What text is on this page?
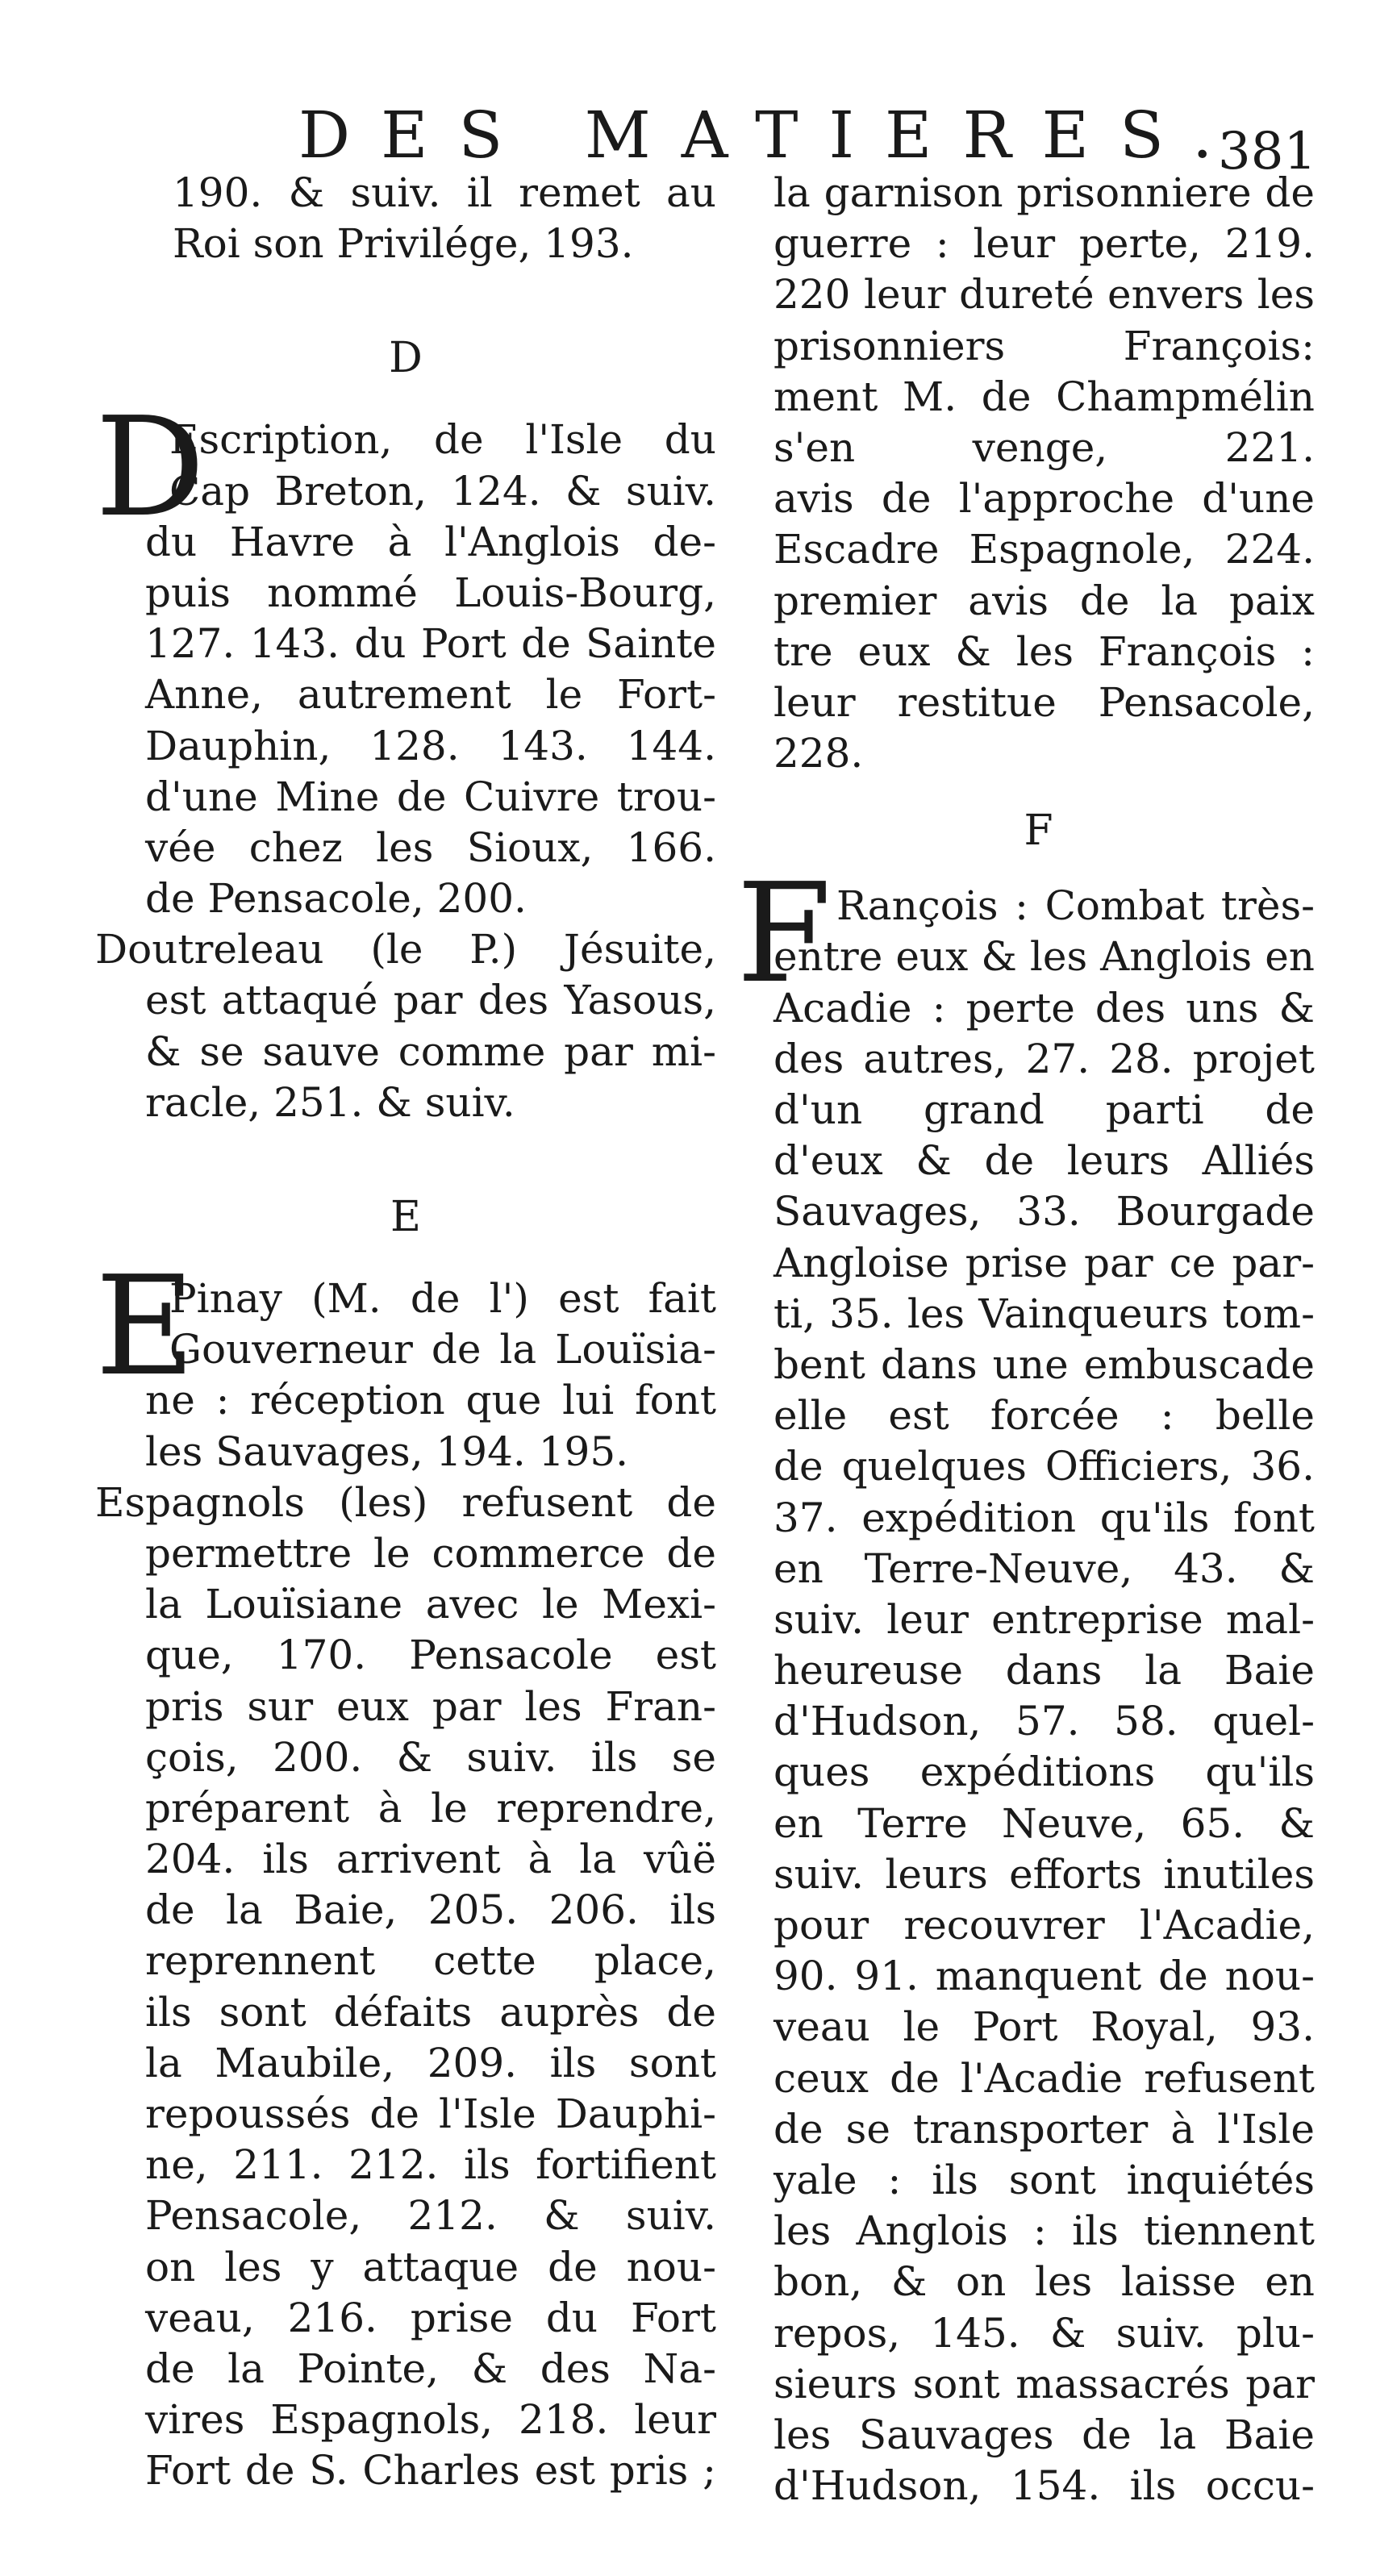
DES MATIERES.
381
190. & suiv. il remet au
Roi son Privilége, 193.
D
D
Escription, de l'Isle du
Cap Breton, 124. & suiv.
du Havre à l'Anglois de-
puis nommé Louis-Bourg,
127. 143. du Port de Sainte
Anne, autrement le Fort-
Dauphin, 128. 143. 144.
d'une Mine de Cuivre trou-
vée chez les Sioux, 166.
de Pensacole, 200.
Doutreleau (le P.) Jésuite,
est attaqué par des Yasous,
& se sauve comme par mi-
racle, 251. & suiv.
E
E
Pinay (M. de l') est fait
Gouverneur de la Louïsia-
ne : réception que lui font
les Sauvages, 194. 195.
Espagnols (les) refusent de
permettre le commerce de
la Louïsiane avec le Mexi-
que, 170. Pensacole est
pris sur eux par les Fran-
çois, 200. & suiv. ils se
préparent à le reprendre,
204. ils arrivent à la vûë
de la Baie, 205. 206. ils
reprennent cette place,
ils sont défaits auprès de
la Maubile, 209. ils sont
repoussés de l'Isle Dauphi-
ne, 211. 212. ils fortifient
Pensacole, 212. & suiv.
on les y attaque de nou-
veau, 216. prise du Fort
de la Pointe, & des Na-
vires Espagnols, 218. leur
Fort de S. Charles est pris ;
la garnison prisonniere de
guerre : leur perte, 219.
220 leur dureté envers les
prisonniers François:
ment M. de Champmélin
s'en venge, 221.
avis de l'approche d'une
Escadre Espagnole, 224.
premier avis de la paix
tre eux & les François :
leur restitue Pensacole,
228.
F
F Rançois : Combat très-
entre eux & les Anglois en
Acadie : perte des uns &
des autres, 27. 28. projet
d'un grand parti de
d'eux & de leurs Alliés
Sauvages, 33. Bourgade
Angloise prise par ce par-
ti, 35. les Vainqueurs tom-
bent dans une embuscade
elle est forcée : belle
de quelques Officiers, 36.
37. expédition qu'ils font
en Terre-Neuve, 43. &
suiv. leur entreprise mal-
heureuse dans la Baie
d'Hudson, 57. 58. quel-
ques expéditions qu'ils
en Terre Neuve, 65. &
suiv. leurs efforts inutiles
pour recouvrer l'Acadie,
90. 91. manquent de nou-
veau le Port Royal, 93.
ceux de l'Acadie refusent
de se transporter à l'Isle
yale : ils sont inquiétés
les Anglois : ils tiennent
bon, & on les laisse en
repos, 145. & suiv. plu-
sieurs sont massacrés par
les Sauvages de la Baie
d'Hudson, 154. ils occu-
